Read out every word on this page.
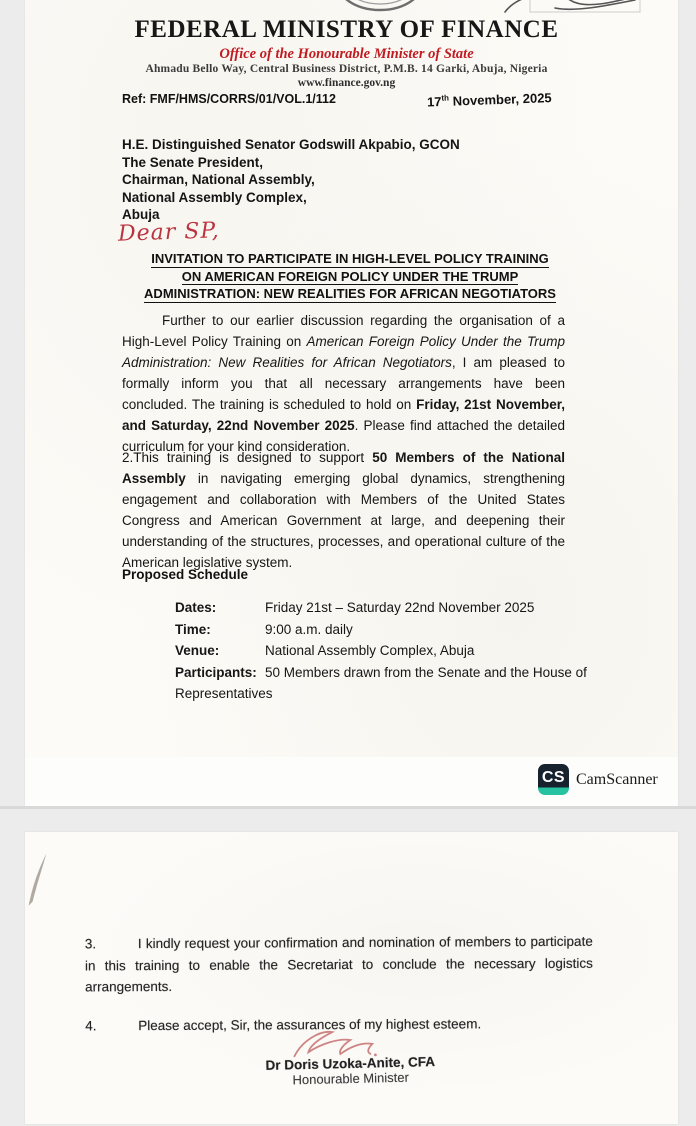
FEDERAL MINISTRY OF FINANCE
Office of the Honourable Minister of State
Ahmadu Bello Way, Central Business District, P.M.B. 14 Garki, Abuja, Nigeria
www.finance.gov.ng
Ref: FMF/HMS/CORRS/01/VOL.1/112	17th November, 2025
H.E. Distinguished Senator Godswill Akpabio, GCON
The Senate President,
Chairman, National Assembly,
National Assembly Complex,
Abuja
Dear SP,
INVITATION TO PARTICIPATE IN HIGH-LEVEL POLICY TRAINING
ON AMERICAN FOREIGN POLICY UNDER THE TRUMP
ADMINISTRATION: NEW REALITIES FOR AFRICAN NEGOTIATORS
Further to our earlier discussion regarding the organisation of a High-Level Policy Training on American Foreign Policy Under the Trump Administration: New Realities for African Negotiators, I am pleased to formally inform you that all necessary arrangements have been concluded. The training is scheduled to hold on Friday, 21st November, and Saturday, 22nd November 2025. Please find attached the detailed curriculum for your kind consideration.
2.This training is designed to support 50 Members of the National Assembly in navigating emerging global dynamics, strengthening engagement and collaboration with Members of the United States Congress and American Government at large, and deepening their understanding of the structures, processes, and operational culture of the American legislative system.
Proposed Schedule
Dates:	Friday 21st – Saturday 22nd November 2025
Time:	9:00 a.m. daily
Venue:	National Assembly Complex, Abuja
Participants: 50 Members drawn from the Senate and the House of Representatives
CS CamScanner
3.	I kindly request your confirmation and nomination of members to participate in this training to enable the Secretariat to conclude the necessary logistics arrangements.
4.	Please accept, Sir, the assurances of my highest esteem.
Dr Doris Uzoka-Anite, CFA
Honourable Minister
